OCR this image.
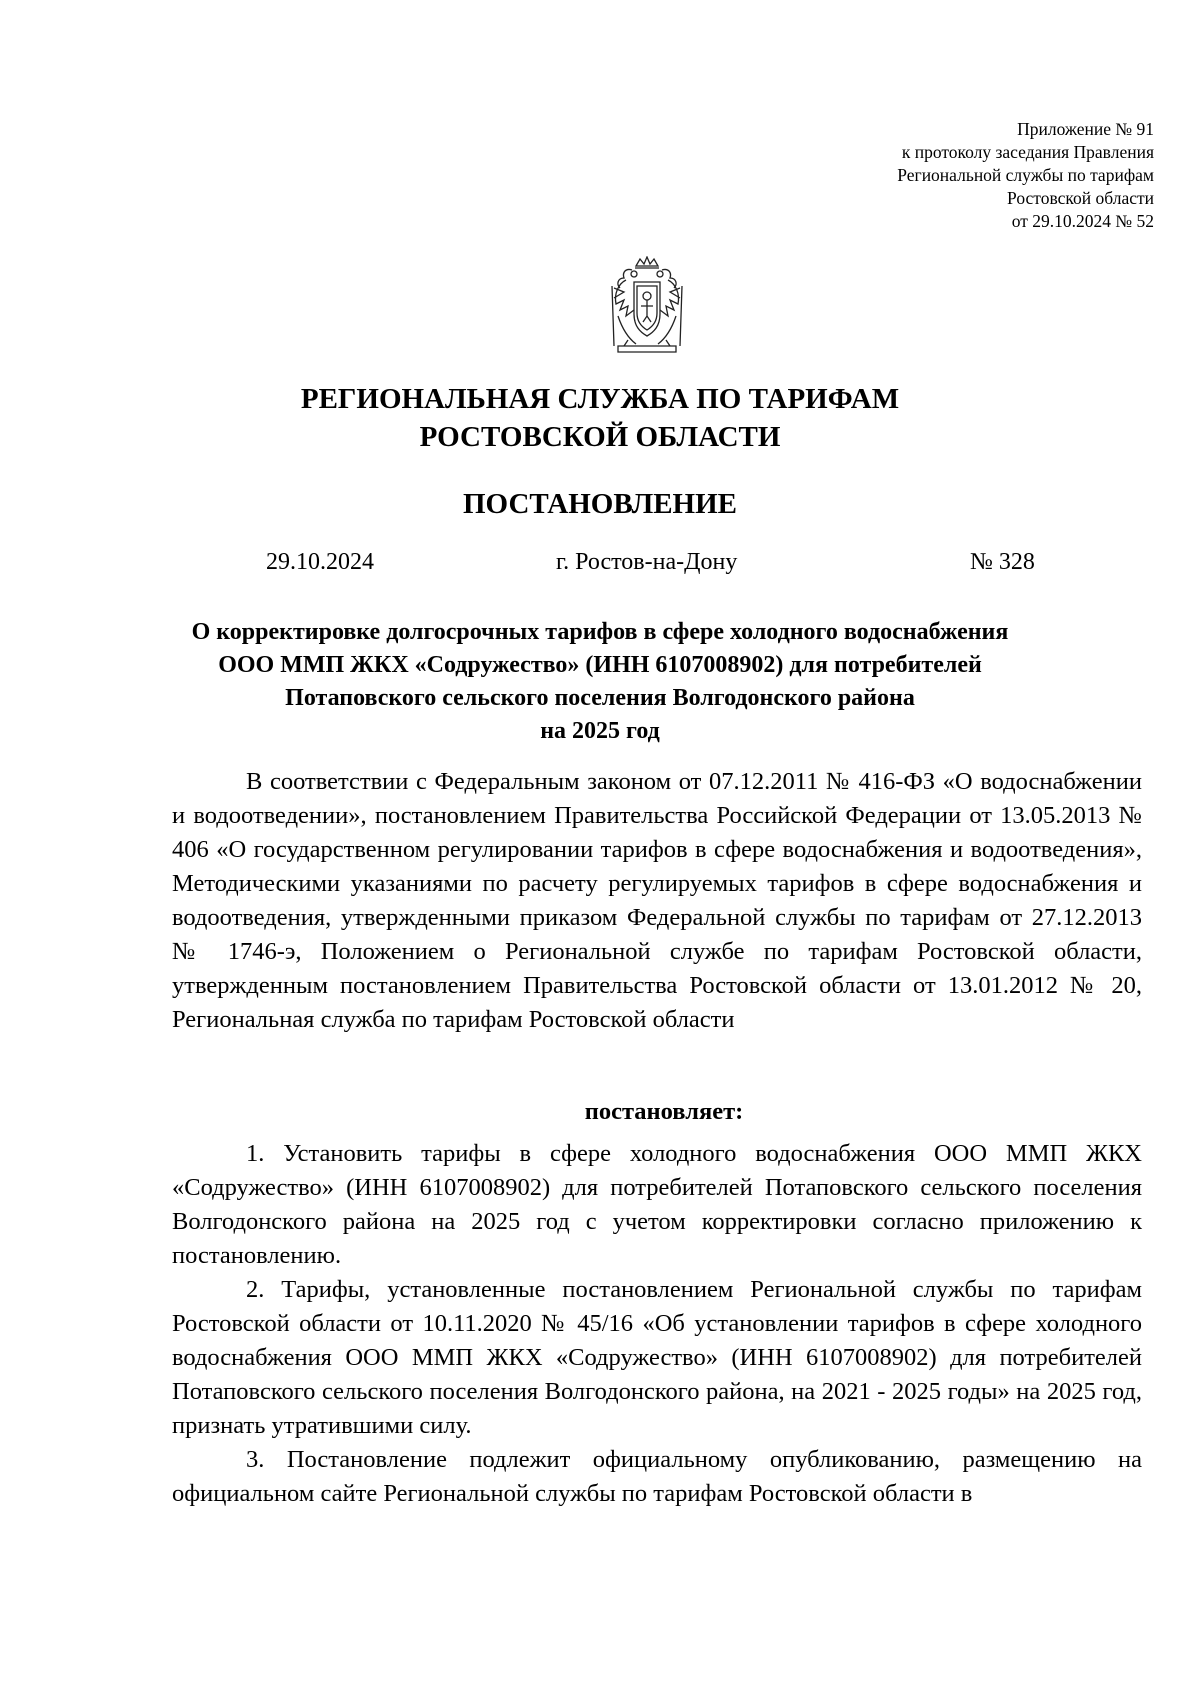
Приложение № 91
к протоколу заседания Правления
Региональной службы по тарифам
Ростовской области
от 29.10.2024 № 52
РЕГИОНАЛЬНАЯ СЛУЖБА ПО ТАРИФАМ
РОСТОВСКОЙ ОБЛАСТИ
ПОСТАНОВЛЕНИЕ
29.10.2024	г. Ростов-на-Дону	№ 328
О корректировке долгосрочных тарифов в сфере холодного водоснабжения
ООО ММП ЖКХ «Содружество» (ИНН 6107008902) для потребителей
Потаповского сельского поселения Волгодонского района
на 2025 год

В соответствии с Федеральным законом от 07.12.2011 № 416-ФЗ «О водоснабжении и водоотведении», постановлением Правительства Российской Федерации от 13.05.2013 № 406 «О государственном регулировании тарифов в сфере водоснабжения и водоотведения», Методическими указаниями по расчету регулируемых тарифов в сфере водоснабжения и водоотведения, утвержденными приказом Федеральной службы по тарифам от 27.12.2013 № 1746-э, Положением о Региональной службе по тарифам Ростовской области, утвержденным постановлением Правительства Ростовской области от 13.01.2012 № 20, Региональная служба по тарифам Ростовской области

постановляет:

1. Установить тарифы в сфере холодного водоснабжения ООО ММП ЖКХ «Содружество» (ИНН 6107008902) для потребителей Потаповского сельского поселения Волгодонского района на 2025 год с учетом корректировки согласно приложению к постановлению.

2. Тарифы, установленные постановлением Региональной службы по тарифам Ростовской области от 10.11.2020 № 45/16 «Об установлении тарифов в сфере холодного водоснабжения ООО ММП ЖКХ «Содружество» (ИНН 6107008902) для потребителей Потаповского сельского поселения Волгодонского района, на 2021 - 2025 годы» на 2025 год, признать утратившими силу.

3. Постановление подлежит официальному опубликованию, размещению на официальном сайте Региональной службы по тарифам Ростовской области в
